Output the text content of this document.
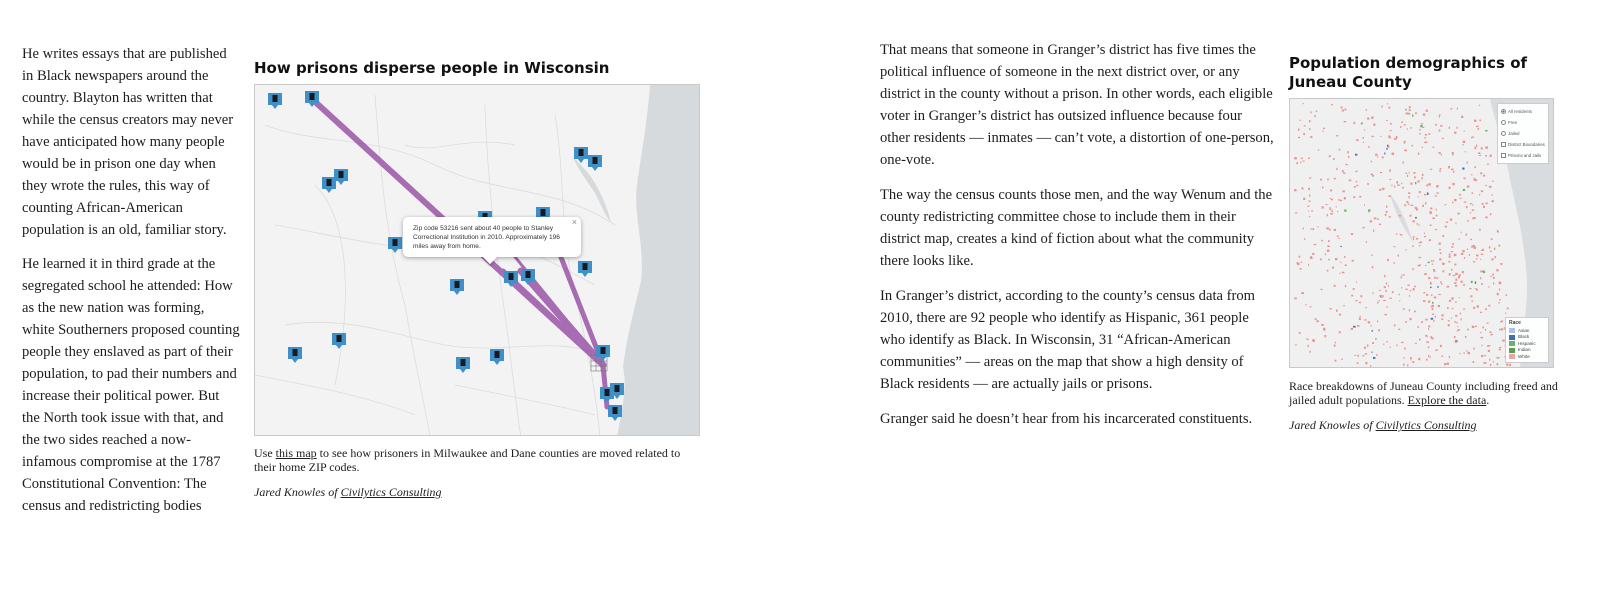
He writes essays that are published in Black newspapers around the country. Blayton has written that while the census creators may never have anticipated how many people would be in prison one day when they wrote the rules, this way of counting African-American population is an old, familiar story.

He learned it in third grade at the segregated school he attended: How as the new nation was forming, white Southerners proposed counting people they enslaved as part of their population, to pad their numbers and increase their political power. But the North took issue with that, and the two sides reached a now-infamous compromise at the 1787 Constitutional Convention: The census and redistricting bodies

How prisons disperse people in Wisconsin
Zip code 53216 sent about 40 people to Stanley Correctional Institution in 2010. Approximately 196 miles away from home.
×
Use this map to see how prisoners in Milwaukee and Dane counties are moved related to their home ZIP codes.
Jared Knowles of Civilytics Consulting

That means that someone in Granger’s district has five times the political influence of someone in the next district over, or any district in the county without a prison. In other words, each eligible voter in Granger’s district has outsized influence because four other residents — inmates — can’t vote, a distortion of one-person, one-vote.

The way the census counts those men, and the way Wenum and the county redistricting committee chose to include them in their district map, creates a kind of fiction about what the community there looks like.

In Granger’s district, according to the county’s census data from 2010, there are 92 people who identify as Hispanic, 361 people who identify as Black. In Wisconsin, 31 “African-American communities” — areas on the map that show a high density of Black residents — are actually jails or prisons.

Granger said he doesn’t hear from his incarcerated constituents.

Population demographics of Juneau County
All residents
Free
Jailed
District Boundaries
Prisons and Jails
Race
Asian
Black
Hispanic
Indian
White
Race breakdowns of Juneau County including freed and jailed adult populations. Explore the data.
Jared Knowles of Civilytics Consulting
